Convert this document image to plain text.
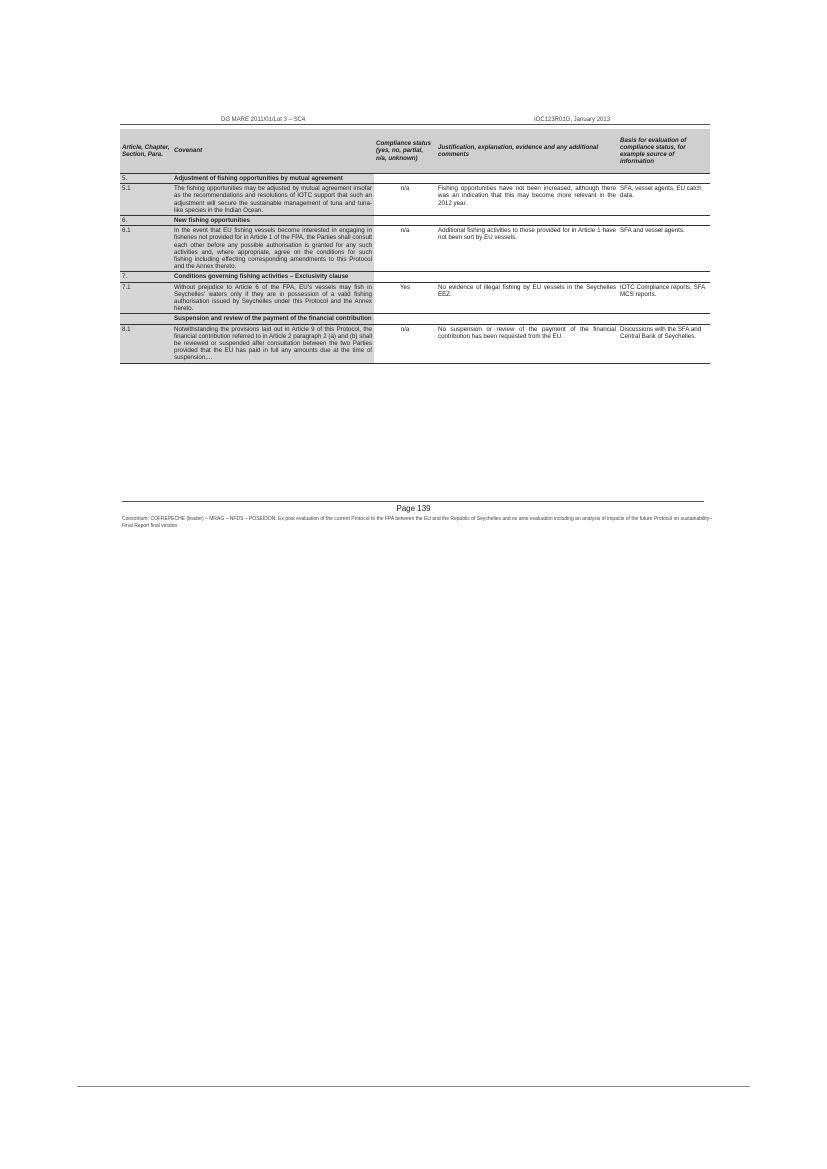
DG MARE 2011/01/Lot 3 – SC4	IOC123R01G, January 2013
Article, Chapter, Section, Para.	Covenant	Compliance status (yes, no, partial, n/a, unknown)	Justification, explanation, evidence and any additional comments	Basis for evaluation of compliance status, for example source of information
5.	Adjustment of fishing opportunities by mutual agreement			
5.1	The fishing opportunities may be adjusted by mutual agreement insofar as the recommendations and resolutions of IOTC support that such an adjustment will secure the sustainable management of tuna and tuna-like species in the Indian Ocean.	n/a	Fishing opportunities have not been increased, although there was an indication that this may become more relevant in the 2012 year.	SFA, vessel agents, EU catch data.
6.	New fishing opportunities			
6.1	In the event that EU fishing vessels become interested in engaging in fisheries not provided for in Article 1 of the FPA, the Parties shall consult each other before any possible authorisation is granted for any such activities and, where appropriate, agree on the conditions for such fishing including effecting corresponding amendments to this Protocol and the Annex thereto.	n/a	Additional fishing activities to those provided for in Article 1 have not been sort by EU vessels.	SFA and vessel agents.
7.	Conditions governing fishing activities – Exclusivity clause			
7.1	Without prejudice to Article 6 of the FPA, EU's vessels may fish in Seychelles' waters only if they are in possession of a valid fishing authorisation issued by Seychelles under this Protocol and the Annex hereto.	Yes	No evidence of illegal fishing by EU vessels in the Seychelles EEZ.	IOTC Compliance reports, SFA MCS reports.
	Suspension and review of the payment of the financial contribution			
8.1	Notwithstanding the provisions laid out in Article 9 of this Protocol, the financial contribution referred to in Article 2 paragraph 2 (a) and (b) shall be reviewed or suspended after consultation between the two Parties provided that the EU has paid in full any amounts due at the time of suspension,...	n/a	No suspension or review of the payment of the financial contribution has been requested from the EU.	Discussions with the SFA and Central Bank of Seychelles.
Page 139
Consortium: COFREPECHE (leader) – MRAG – NFDS – POSEIDON. Ex post evaluation of the current Protocol to the FPA between the EU and the Republic of Seychelles and ex ante evaluation including an analysis of impacts of the future Protocol on sustainability–Final Report final version
